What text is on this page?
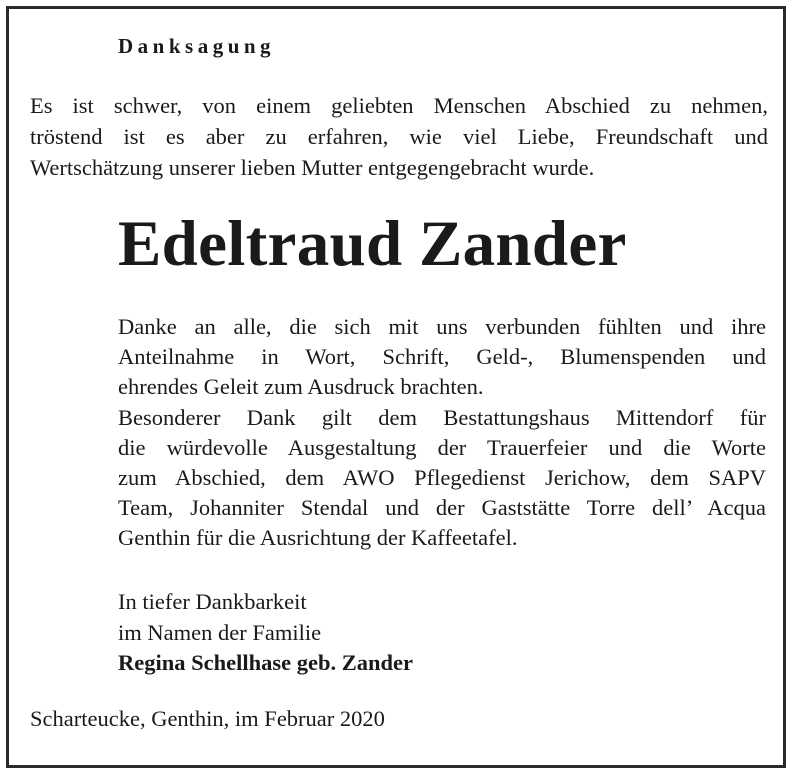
Danksagung
Es ist schwer, von einem geliebten Menschen Abschied zu nehmen,
tröstend ist es aber zu erfahren, wie viel Liebe, Freundschaft und
Wertschätzung unserer lieben Mutter entgegengebracht wurde.
Edeltraud Zander
Danke an alle, die sich mit uns verbunden fühlten und ihre
Anteilnahme in Wort, Schrift, Geld-, Blumenspenden und
ehrendes Geleit zum Ausdruck brachten.
Besonderer Dank gilt dem Bestattungshaus Mittendorf für
die würdevolle Ausgestaltung der Trauerfeier und die Worte
zum Abschied, dem AWO Pflegedienst Jerichow, dem SAPV
Team, Johanniter Stendal und der Gaststätte Torre dell’ Acqua
Genthin für die Ausrichtung der Kaffeetafel.
In tiefer Dankbarkeit
im Namen der Familie
Regina Schellhase geb. Zander
Scharteucke, Genthin, im Februar 2020
